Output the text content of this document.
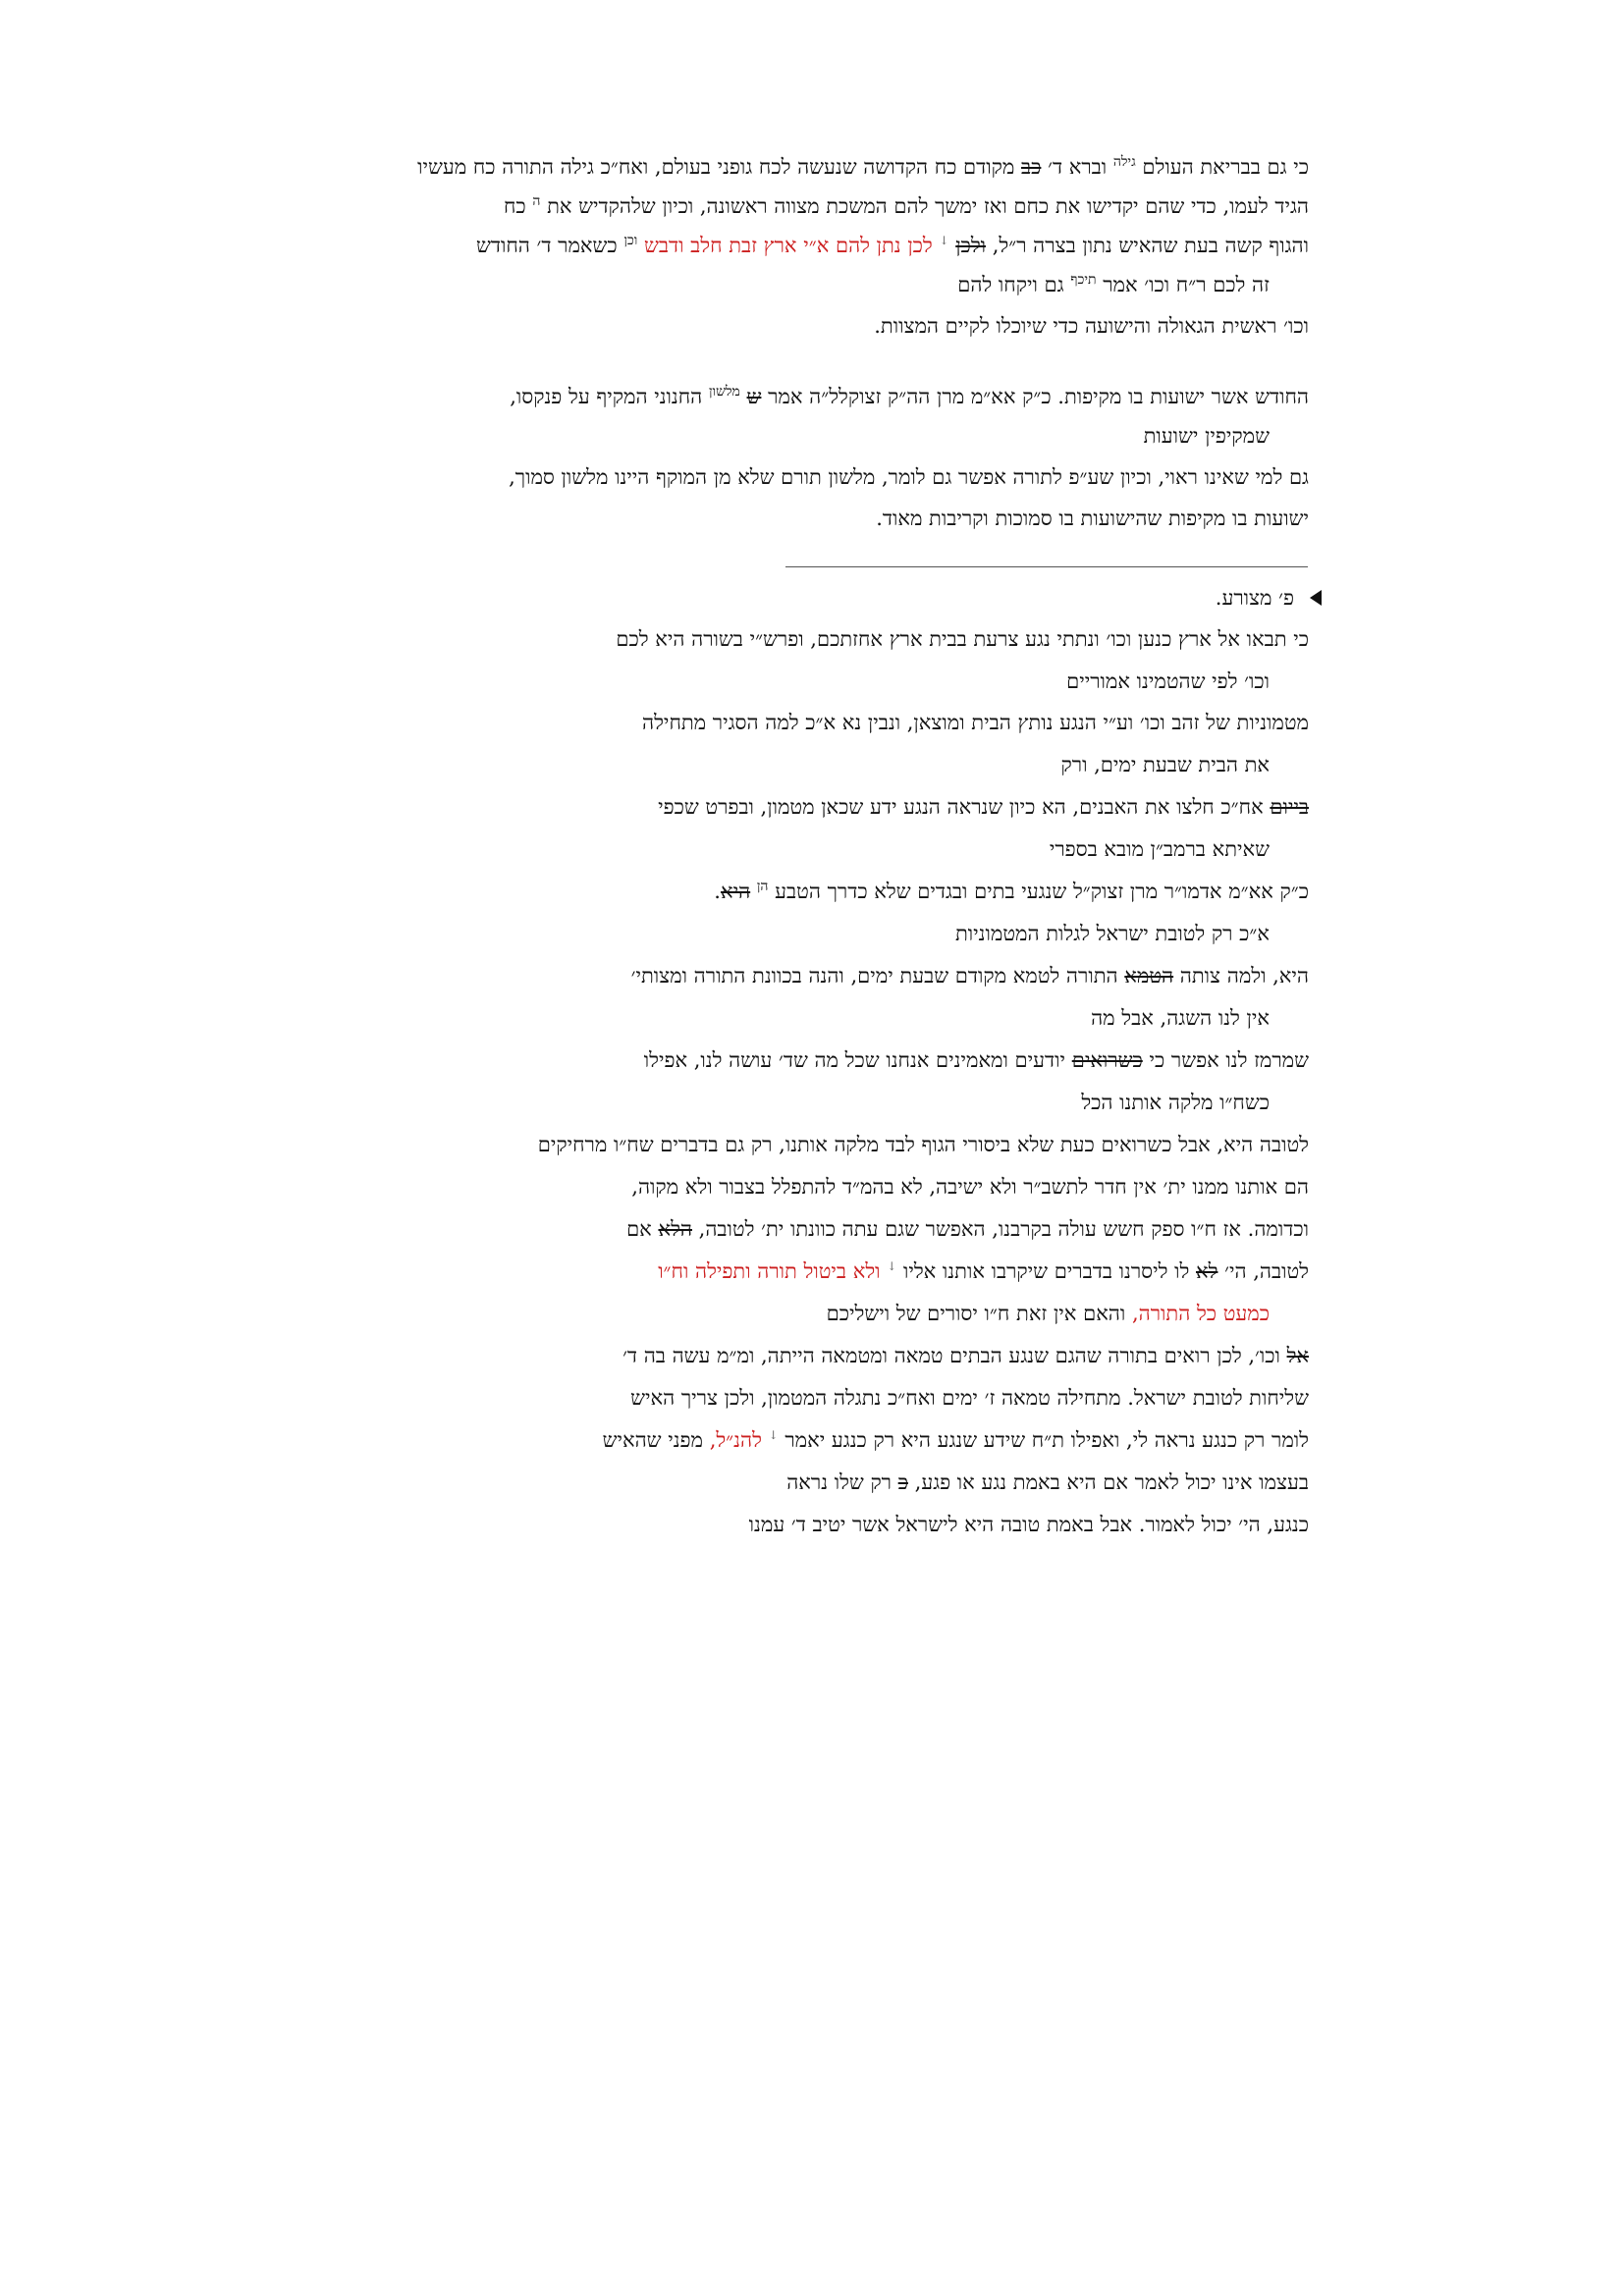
כי גם בבריאת העולם $^{גילה}$ וברא ד׳ כב מקודם כח הקדושה שנעשה לכח גופני בעולם, ואח״כ גילה התורה כח מעשיו
הגיד לעמו, כדי שהם יקדישו את כחם ואז ימשך להם המשכת מצווה ראשונה, וכיון שלהקדיש את $^ה$ כח
והגוף קשה בעת שהאיש נתון בצרה ר״ל, ולכן ↓ לכן נתן להם א״י ארץ זבת חלב ודבש $^{וכן}$ כשאמר ד׳ החודש
זה לכם ר״ח וכו׳ אמר $^{תיכף}$ גם ויקחו להם
וכו׳ ראשית הגאולה והישועה כדי שיוכלו לקיים המצוות.
החודש אשר ישועות בו מקיפות. כ״ק אא״מ מרן הה״ק זצוקלל״ה אמר ש $^{מלשון}$ החנוני המקיף על פנקסו,
שמקיפין ישועות
גם למי שאינו ראוי, וכיון שע״פ לתורה אפשר גם לומר, מלשון תורם שלא מן המוקף היינו מלשון סמוך,
ישועות בו מקיפות שהישועות בו סמוכות וקריבות מאוד.
פ׳ מצורע.
כי תבאו אל ארץ כנען וכו׳ ונתתי נגע צרעת בבית ארץ אחזתכם, ופרש״י בשורה היא לכם
וכו׳ לפי שהטמינו אמוריים
מטמוניות של זהב וכו׳ וע״י הנגע נותץ הבית ומוצאן, ונבין נא א״כ למה הסגיר מתחילה
את הבית שבעת ימים, ורק
בייום אח״כ חלצו את האבנים, הא כיון שנראה הנגע ידע שכאן מטמון, ובפרט שכפי
שאיתא ברמב״ן מובא בספרי
כ״ק אא״מ אדמו״ר מרן זצוק״ל שנגעי בתים ובגדים שלא כדרך הטבע $^{הן}$ היא.
א״כ רק לטובת ישראל לגלות המטמוניות
היא, ולמה צותה הטמא התורה לטמא מקודם שבעת ימים, והנה בכוונת התורה ומצותי׳
אין לנו השגה, אבל מה
שמרמז לנו אפשר כי כשרואים יודעים ומאמינים אנחנו שכל מה שד׳ עושה לנו, אפילו
כשח״ו מלקה אותנו הכל
לטובה היא, אבל כשרואים כעת שלא ביסורי הגוף לבד מלקה אותנו, רק גם בדברים שח״ו מרחיקים
הם אותנו ממנו ית׳ אין חדר לתשב״ר ולא ישיבה, לא בהמ״ד להתפלל בצבור ולא מקוה,
וכדומה. אז ח״ו ספק חשש עולה בקרבנו, האפשר שגם עתה כוונתו ית׳ לטובה, הלא אם
לטובה, הי׳ לא לו ליסרנו בדברים שיקרבו אותנו אליו ↓ ולא ביטול תורה ותפילה וח״ו
כמעט כל התורה, והאם אין זאת ח״ו יסורים של וישליכם
אל וכו׳, לכן רואים בתורה שהגם שנגע הבתים טמאה ומטמאה הייתה, ומ״מ עשה בה ד׳
שליחות לטובת ישראל. מתחילה טמאה ז׳ ימים ואח״כ נתגלה המטמון, ולכן צריך האיש
לומר רק כנגע נראה לי, ואפילו ת״ח שידע שנגע היא רק כנגע יאמר ↓ להנ״ל, מפני שהאיש
בעצמו אינו יכול לאמר אם היא באמת נגע או פגע, כ רק שלו נראה
כנגע, הי׳ יכול לאמור. אבל באמת טובה היא לישראל אשר יטיב ד׳ עמנו
